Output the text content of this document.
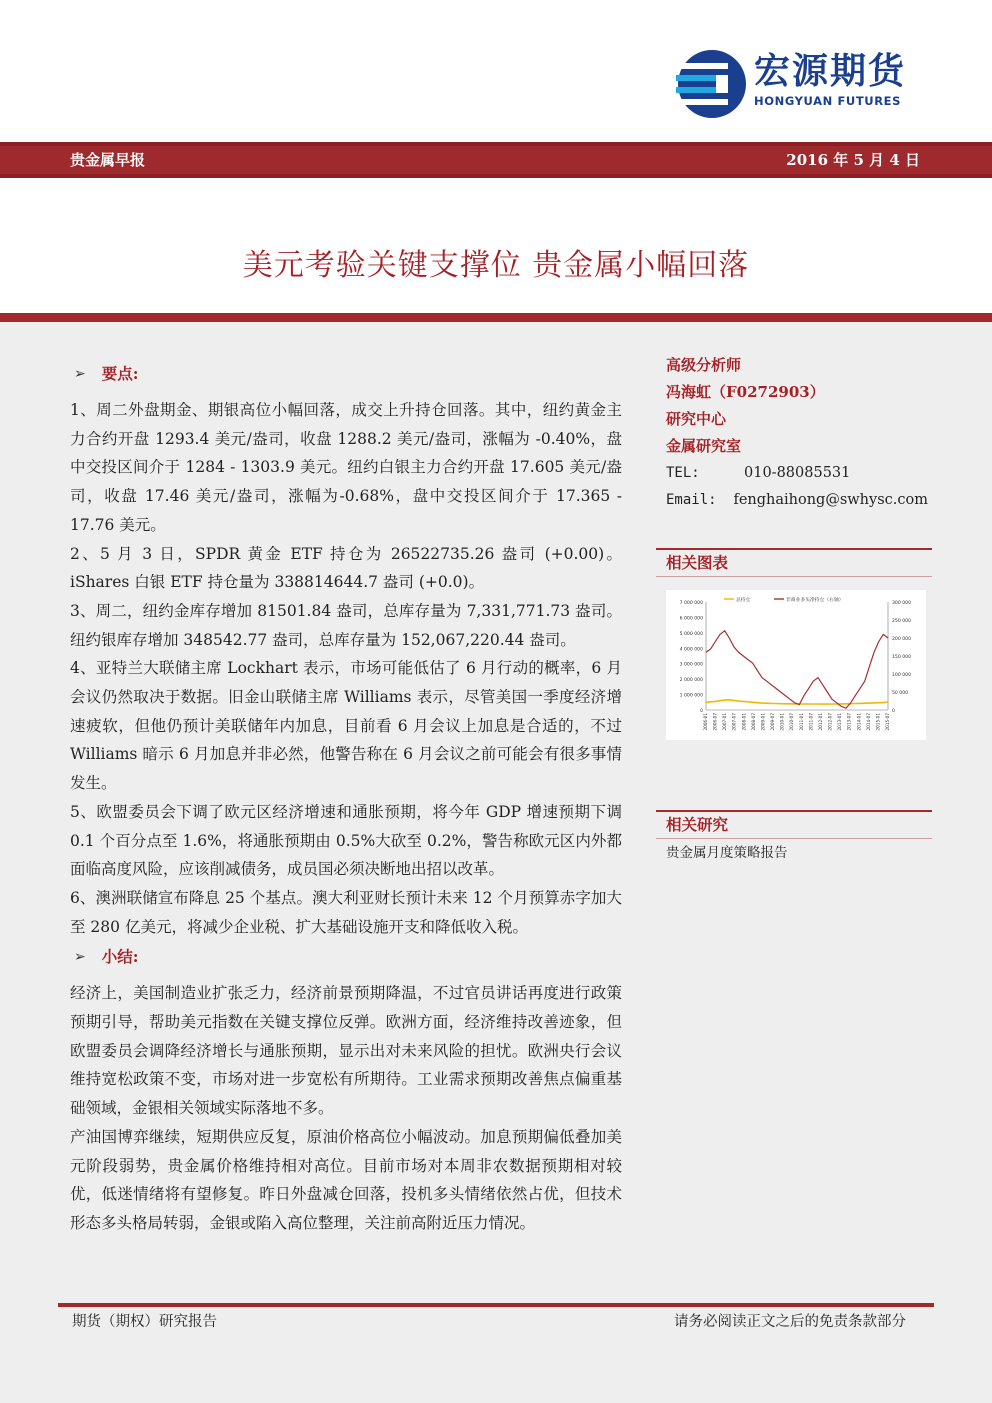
宏源期货
HONGYUAN FUTURES
贵金属早报	2016 年 5 月 4 日
美元考验关键支撑位 贵金属小幅回落
➢ 要点 :

1、周二外盘期金、期银高位小幅回落，成交上升持仓回落。其中，纽约黄金主力合约开盘 1293.4 美元/盎司，收盘 1288.2 美元/盎司，涨幅为 -0.40%，盘中交投区间介于 1284 - 1303.9 美元。纽约白银主力合约开盘 17.605 美元/盎司，收盘 17.46 美元/盎司，涨幅为-0.68%，盘中交投区间介于 17.365 - 17.76 美元。

2、5 月 3 日，SPDR 黄金 ETF 持仓为 26522735.26 盎司 (+0.00)。iShares 白银 ETF 持仓量为 338814644.7 盎司 (+0.0)。

3、周二，纽约金库存增加 81501.84 盎司，总库存量为 7,331,771.73 盎司。纽约银库存增加 348542.77 盎司，总库存量为 152,067,220.44 盎司。

4、亚特兰大联储主席 Lockhart 表示，市场可能低估了 6 月行动的概率，6 月会议仍然取决于数据。旧金山联储主席 Williams 表示，尽管美国一季度经济增速疲软，但他仍预计美联储年内加息，目前看 6 月会议上加息是合适的，不过 Williams 暗示 6 月加息并非必然，他警告称在 6 月会议之前可能会有很多事情发生。

5、欧盟委员会下调了欧元区经济增速和通胀预期，将今年 GDP 增速预期下调 0.1 个百分点至 1.6%，将通胀预期由 0.5%大砍至 0.2%，警告称欧元区内外都面临高度风险，应该削减债务，成员国必须决断地出招以改革。

6、澳洲联储宣布降息 25 个基点。澳大利亚财长预计未来 12 个月预算赤字加大至 280 亿美元，将减少企业税、扩大基础设施开支和降低收入税。

➢ 小结 :

经济上，美国制造业扩张乏力，经济前景预期降温，不过官员讲话再度进行政策预期引导，帮助美元指数在关键支撑位反弹。欧洲方面，经济维持改善迹象，但欧盟委员会调降经济增长与通胀预期，显示出对未来风险的担忧。欧洲央行会议维持宽松政策不变，市场对进一步宽松有所期待。工业需求预期改善焦点偏重基础领域，金银相关领域实际落地不多。

产油国博弈继续，短期供应反复，原油价格高位小幅波动。加息预期偏低叠加美元阶段弱势，贵金属价格维持相对高位。目前市场对本周非农数据预期相对较优，低迷情绪将有望修复。昨日外盘减仓回落，投机多头情绪依然占优，但技术形态多头格局转弱，金银或陷入高位整理，关注前高附近压力情况。

高级分析师
冯海虹（F0272903）
研究中心
金属研究室
TEL:	010-88085531
Email:	fenghaihong@swhysc.com
相关图表
7 000 000
6 000 000
5 000 000
4 000 000
3 000 000
2 000 000
1 000 000
0
300 000
250 000
200 000
150 000
100 000
50 000
0
2006-01 2006-07 2007-01 2007-07 2008-01 2008-07 2009-01 2009-07 2010-01 2010-07 2011-01 2011-07 2012-01 2012-07 2013-01 2013-07 2014-01 2014-07 2015-01 2015-07
总持仓	非商业多头净持仓（右轴）
相关研究
贵金属月度策略报告
期货（期权）研究报告	请务必阅读正文之后的免责条款部分
